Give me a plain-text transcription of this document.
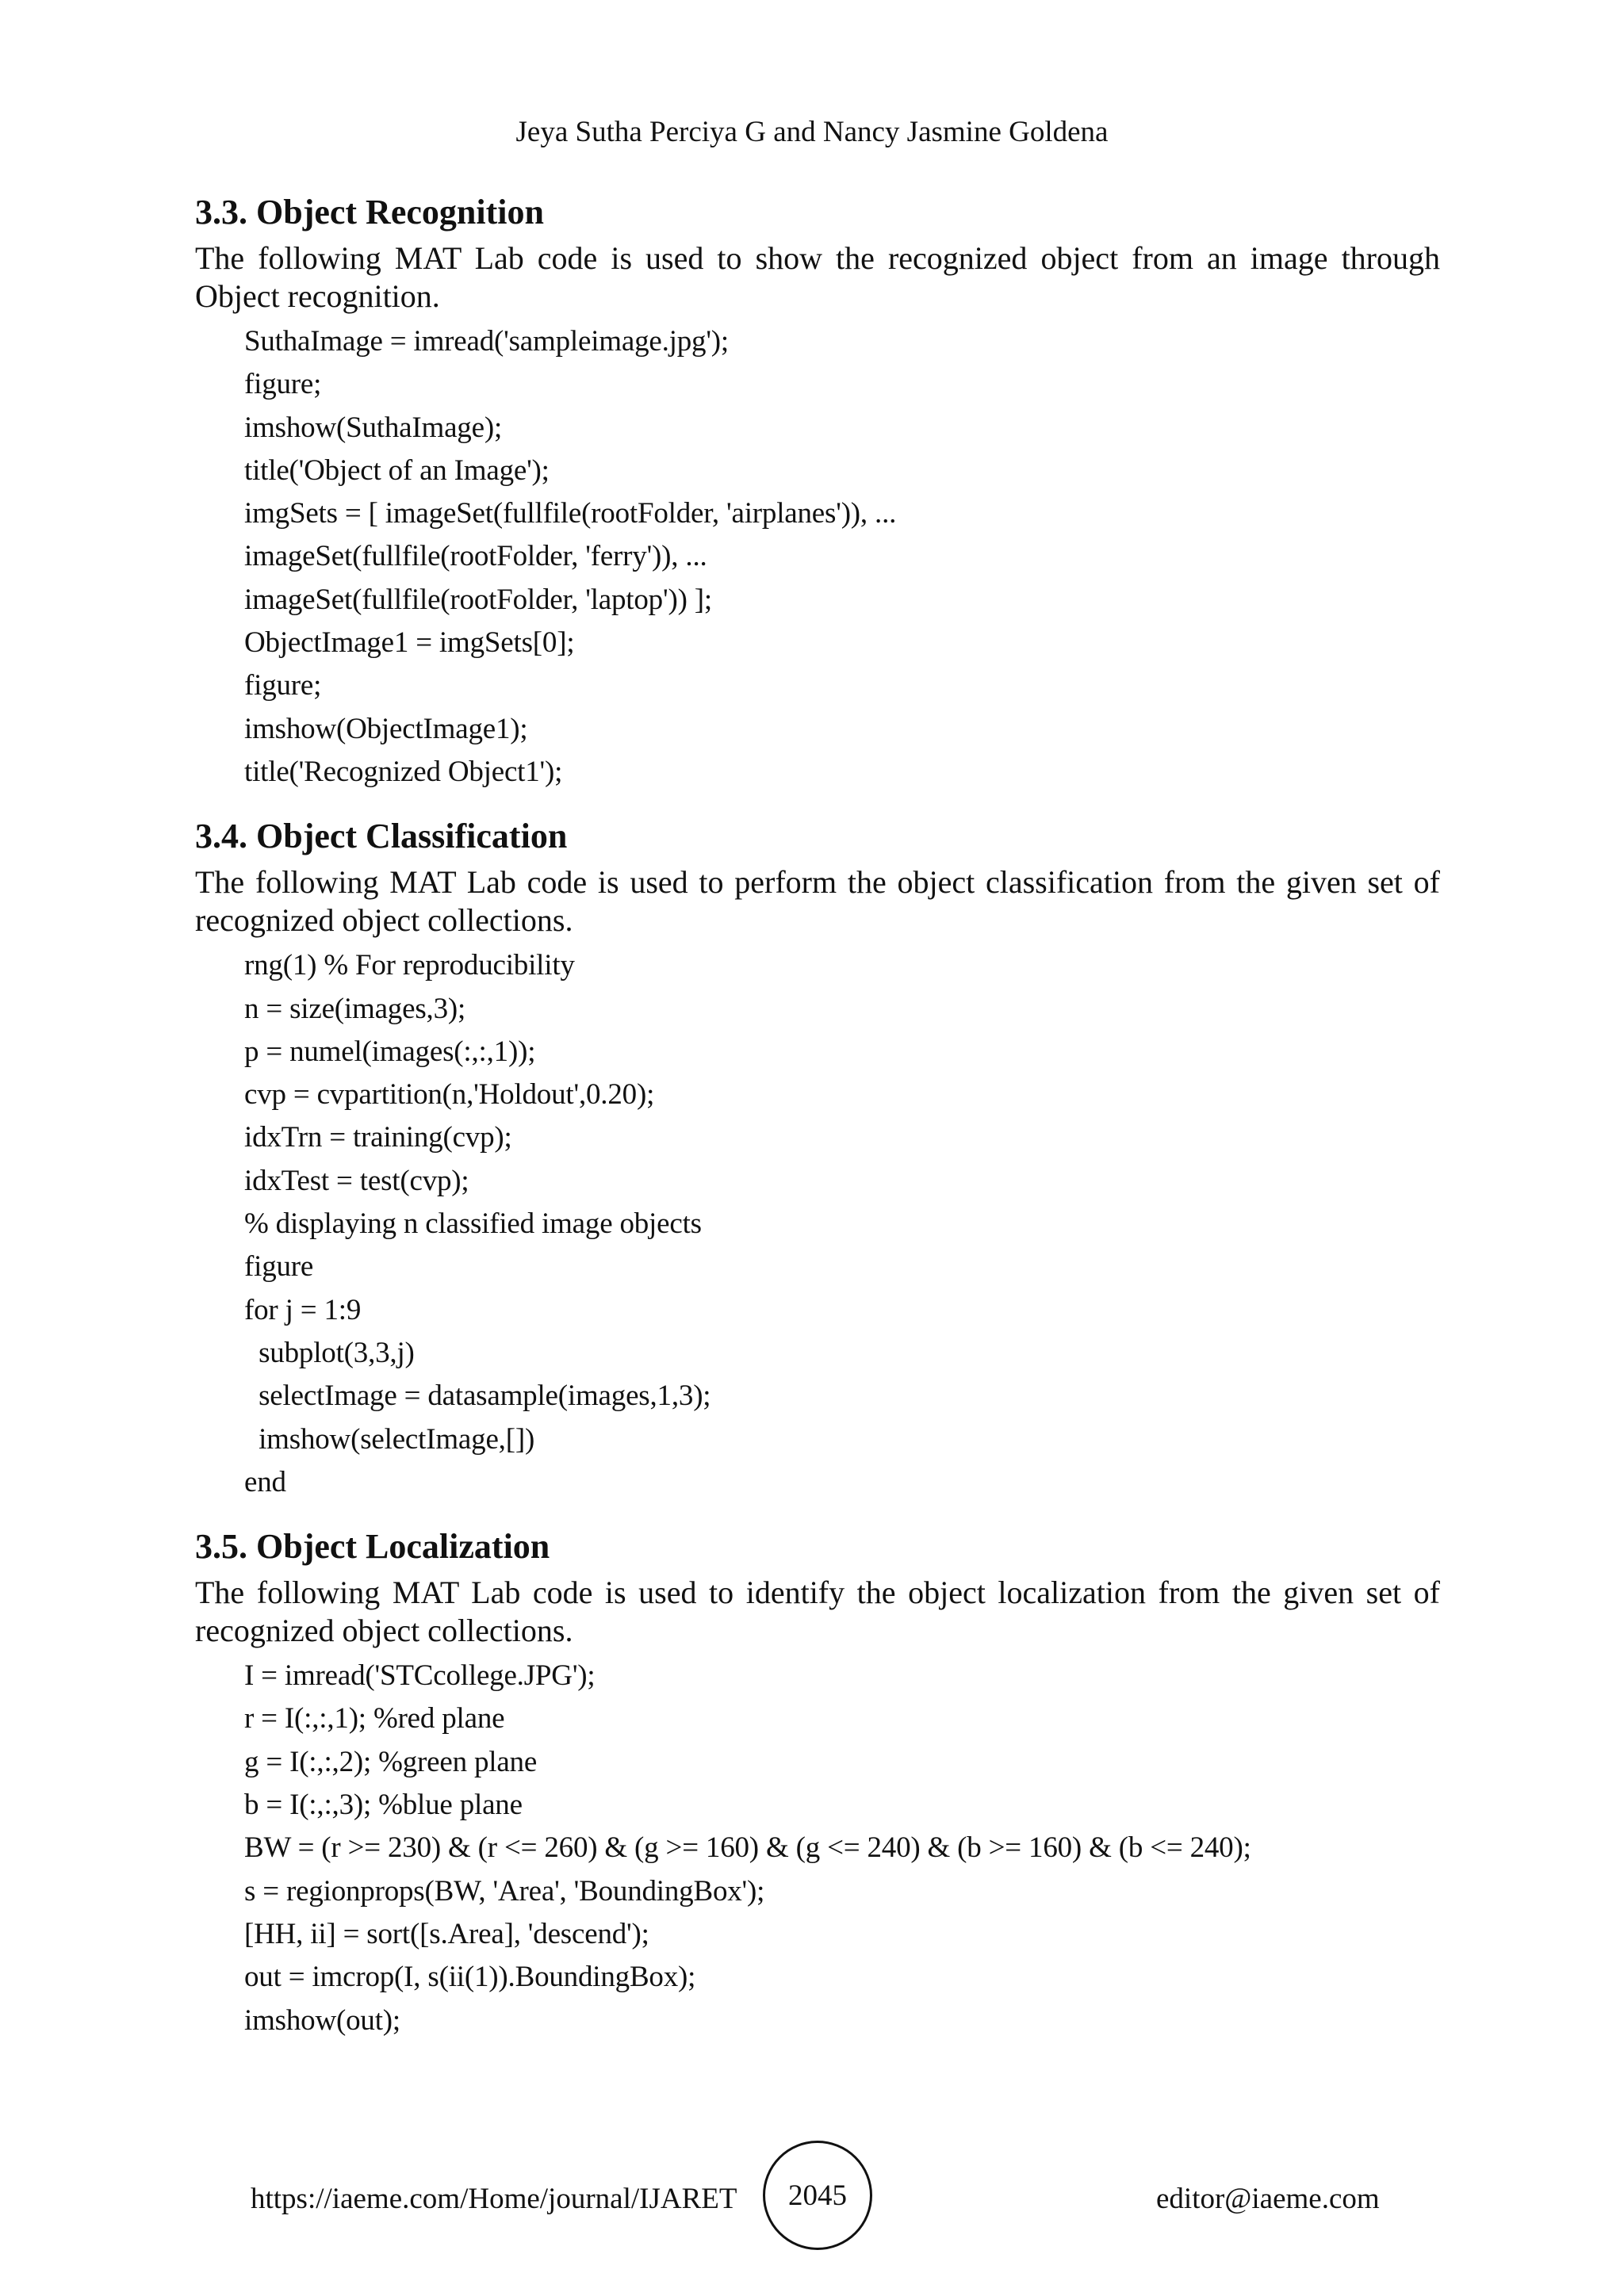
Jeya Sutha Perciya G and Nancy Jasmine Goldena
3.3. Object Recognition
The following MAT Lab code is used to show the recognized object from an image through Object recognition.
SuthaImage = imread('sampleimage.jpg');
figure;
imshow(SuthaImage);
title('Object of an Image');
imgSets = [ imageSet(fullfile(rootFolder, 'airplanes')), ...
imageSet(fullfile(rootFolder, 'ferry')), ...
imageSet(fullfile(rootFolder, 'laptop')) ];
ObjectImage1 = imgSets[0];
figure;
imshow(ObjectImage1);
title('Recognized Object1');
3.4. Object Classification
The following MAT Lab code is used to perform the object classification from the given set of recognized object collections.
rng(1) % For reproducibility
n = size(images,3);
p = numel(images(:,:,1));
cvp = cvpartition(n,'Holdout',0.20);
idxTrn = training(cvp);
idxTest = test(cvp);
% displaying n classified image objects
figure
for j = 1:9
subplot(3,3,j)
selectImage = datasample(images,1,3);
imshow(selectImage,[])
end
3.5. Object Localization
The following MAT Lab code is used to identify the object localization from the given set of recognized object collections.
I = imread('STCcollege.JPG');
r = I(:,:,1); %red plane
g = I(:,:,2); %green plane
b = I(:,:,3); %blue plane
BW = (r >= 230) & (r <= 260) & (g >= 160) & (g <= 240) & (b >= 160) & (b <= 240);
s = regionprops(BW, 'Area', 'BoundingBox');
[HH, ii] = sort([s.Area], 'descend');
out = imcrop(I, s(ii(1)).BoundingBox);
imshow(out);
https://iaeme.com/Home/journal/IJARET 2045	editor@iaeme.com
